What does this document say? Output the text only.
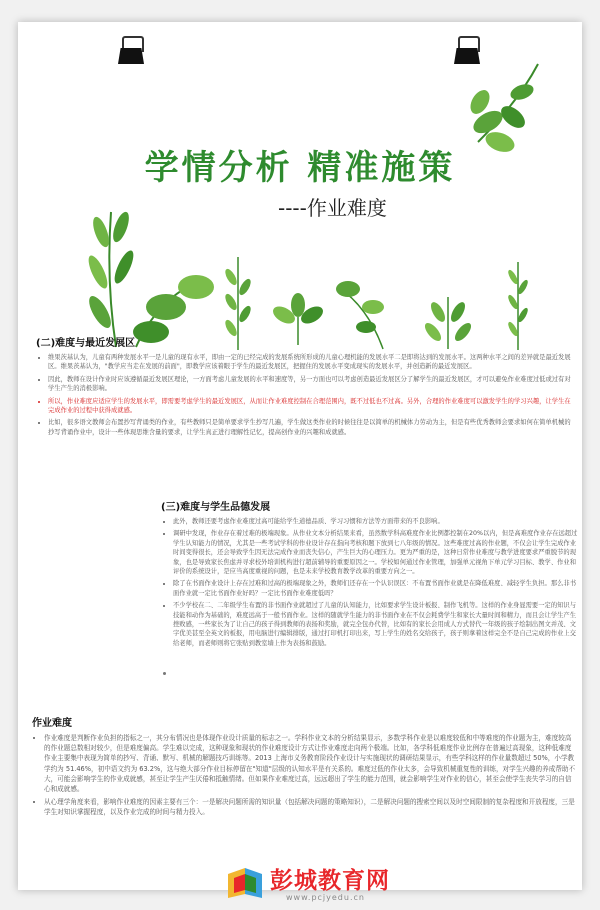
学情分析 精准施策
----作业难度
(二)难度与最近发展区
• 维果茨基认为，儿童有两种发展水平一是儿童的现有水平，即由一定的已经完成的发展系统所形成的儿童心理机能的发展水平二是即将达到的发展水平。这两种水平之间的差异就是最近发展区。维果茨基认为，"教学应当走在发展的前面"，即教学应该着眼于学生的最近发展区，把握住的发展水平变成现实的发展水平，并创造新的最近发展区。
• 因此，教师在设计作业时应该遵循最近发展区理论，一方面考虑儿童发展的水平和速度等，另一方面也可以考虑创造最近发展区分了解学生的最近发展区，才可以避免作业难度过低或过有对学生产生的消极影响。
• 所以，作业难度应适应学生的发展水平，即需要考虑学生的最近发展区，从而让作业难度控制在合理范围内，既不过低也不过高。另外，合理的作业难度可以激发学生的学习兴趣，让学生在完成作业的过程中获得成就感。
• 比如，很多语文教师会布置抄写背诵类的作业，有些教师只是简单要求学生抄写几遍，学生做这类作业的时候往往是以简单的机械体力劳动为主，但是有些优秀教师会要求如何在简单机械的抄写背诵作业中，设计一些体现思维含量的要求，让学生真正进行理解性记忆，提高创作业的兴趣和成就感。
(三)难度与学生品德发展
• 此外，教师还要考虑作业难度过高可能给学生道德品质、学习习惯和方法等方面带来的不良影响。
• 调研中发现，作业存在着过难的极端现象。从作业文本分析结果来看，虽然数学科高难度作业比例都控制在20%以内，但是高难度作业存在远超过学生认知能力的情况，尤其是一些考试学科的作业设计存在指向考核和题下放到七八年级的情况。这些难度过高的作业题，不仅会让学生完成作业时间变得很长，还会导致学生因无法完成作业而丧失信心，产生巨大的心理压力。更为严重的是，这种日常作业难度与教学进度要求严重脱节的现象，也是导致家长焦虑并寻求校外培训机构进行超前辅导的重要原因之一。学校如何通过作业管理，加强单元视角下单元学习目标、教学、作业和评价的系统设计，是应当高度重视的问题，也是未来学校教育教学改革的重要方向之一。
• 除了在书面作业设计上存在过难和过高的极端现象之外，教师们还存在一个认识误区：不布置书面作业就是在降低难度、减轻学生负担。那么非书面作业就一定比书面作业好吗？一定比书面作业难度低吗？
• 不少学校在二、二年级学生布置的非书面作业就超过了儿童的认知能力，比如要求学生设计板报、制作飞机等。这样的作业身显需要一定的知识与技能和动作为基础的，难度远高于一般书面作业。这样的随就学生能力的非书面作业在不仅会耗费学生和家长大量时间和精力，而且会让学生产生挫败感，一些家长为了让自己的孩子得到教师的表扬和奖励，就完全包办代替，比如有的家长会用成人方式替代一年级的孩子绘制出图文并茂、文字优美甚至全英文的板报，用电脑进行编辑排版，通过打印机打印出来，写上学生的姓名交给孩子，孩子则拿着这样完全不是自己完成的作业上交给老师，而老师则将它张贴到教室墙上作为表扬和鼓励。
作业难度
• 作业难度是判断作业负担的指标之一，其分布情况也是体现作业设计质量的标志之一。学科作业文本的分析结果显示，多数学科作业是以难度较低和中等难度的作业题为主，难度较高的作业题总数相对较少，但是难度偏高。学生难以完成，这种现象和现状的作业难度设计方式让作业难度走向两个极端。比如，各学科低难度作业比例存在普遍过高现象，这种低难度作业主要集中表现为简单的抄写、背诵、默写、机械的解题技巧训练等。2013 上海市义务教育阶段作业设计与实施现状的调研结果显示，有些学科这样的作业量数超过 50%，小学教学约为 51.46%，初中语文约为 63.2%，这与绝大部分作业目标停留在"知道"层级的认知水平是有关系的。难度过低的作业太多，会导致机械重复性的训练，对学生兴趣的养成帮助不大，可能会影响学生的作业成就感，甚至让学生产生厌倦和抵触情绪。但如果作业难度过高，远远超出了学生的能力范围，就会影响学生对作业的信心，甚至会使学生丧失学习的自信心和成就感。
• 从心理学角度来看，影响作业难度的因素主要有三个：一是解决问题所需的知识量（包括解决问题的策略知识），二是解决问题的搜索空间以及时空间限制的复杂程度和开放程度，三是学生对知识掌握程度，以及作业完成的时间与精力投入。
彭城教育网
www.pcjyedu.cn
